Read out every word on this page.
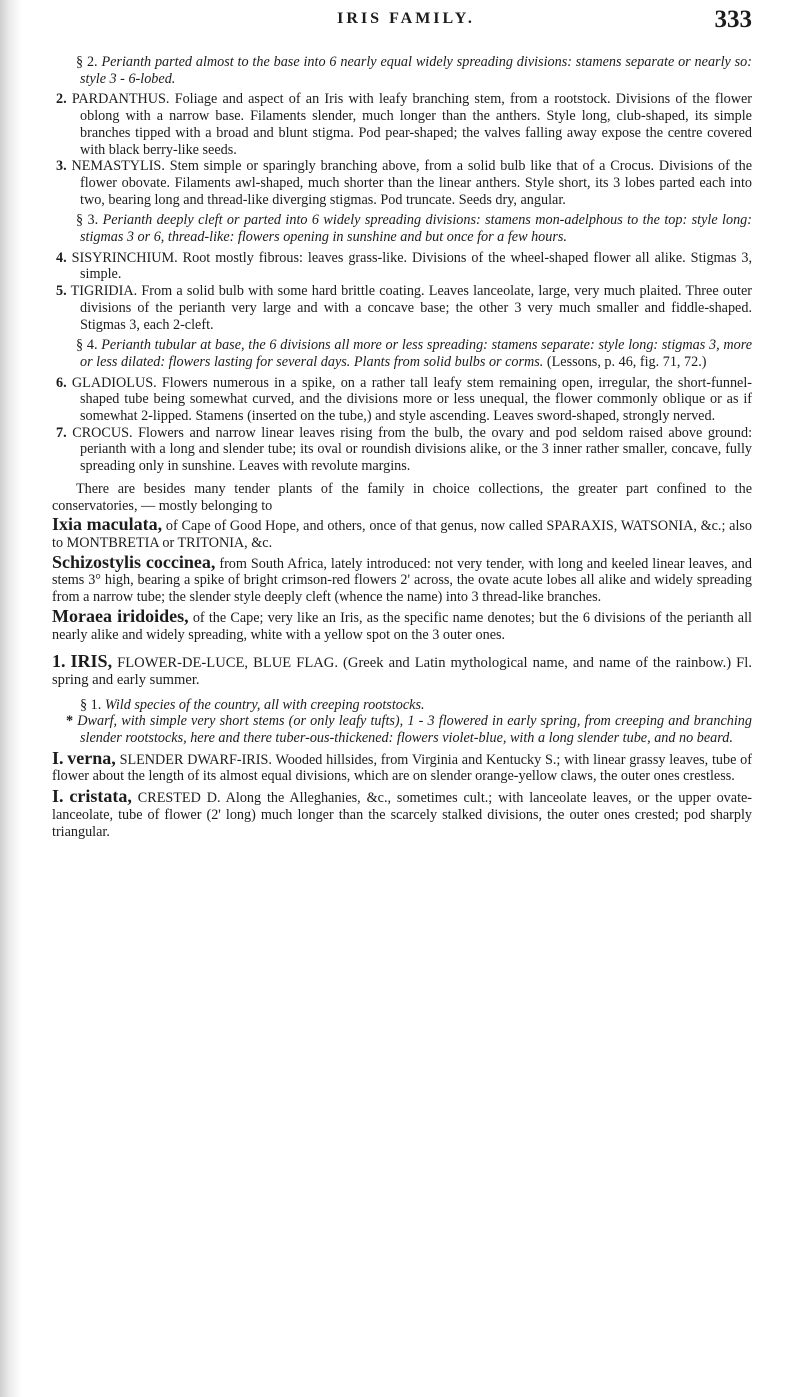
IRIS FAMILY.	333

§ 2. Perianth parted almost to the base into 6 nearly equal widely spreading divisions: stamens separate or nearly so: style 3 - 6-lobed.

2. PARDANTHUS. Foliage and aspect of an Iris with leafy branching stem, from a rootstock. Divisions of the flower oblong with a narrow base. Filaments slender, much longer than the anthers. Style long, club-shaped, its simple branches tipped with a broad and blunt stigma. Pod pear-shaped; the valves falling away expose the centre covered with black berry-like seeds.

3. NEMASTYLIS. Stem simple or sparingly branching above, from a solid bulb like that of a Crocus. Divisions of the flower obovate. Filaments awl-shaped, much shorter than the linear anthers. Style short, its 3 lobes parted each into two, bearing long and thread-like diverging stigmas. Pod truncate. Seeds dry, angular.

§ 3. Perianth deeply cleft or parted into 6 widely spreading divisions: stamens mon-adelphous to the top: style long: stigmas 3 or 6, thread-like: flowers opening in sunshine and but once for a few hours.

4. SISYRINCHIUM. Root mostly fibrous: leaves grass-like. Divisions of the wheel-shaped flower all alike. Stigmas 3, simple.

5. TIGRIDIA. From a solid bulb with some hard brittle coating. Leaves lanceolate, large, very much plaited. Three outer divisions of the perianth very large and with a concave base; the other 3 very much smaller and fiddle-shaped. Stigmas 3, each 2-cleft.

§ 4. Perianth tubular at base, the 6 divisions all more or less spreading: stamens separate: style long: stigmas 3, more or less dilated: flowers lasting for several days. Plants from solid bulbs or corms. (Lessons, p. 46, fig. 71, 72.)

6. GLADIOLUS. Flowers numerous in a spike, on a rather tall leafy stem remaining open, irregular, the short-funnel-shaped tube being somewhat curved, and the divisions more or less unequal, the flower commonly oblique or as if somewhat 2-lipped. Stamens (inserted on the tube,) and style ascending. Leaves sword-shaped, strongly nerved.

7. CROCUS. Flowers and narrow linear leaves rising from the bulb, the ovary and pod seldom raised above ground: perianth with a long and slender tube; its oval or roundish divisions alike, or the 3 inner rather smaller, concave, fully spreading only in sunshine. Leaves with revolute margins.

There are besides many tender plants of the family in choice collections, the greater part confined to the conservatories, — mostly belonging to

Ixia maculata, of Cape of Good Hope, and others, once of that genus, now called SPARAXIS, WATSONIA, &c.; also to MONTBRETIA or TRITONIA, &c.

Schizostylis coccinea, from South Africa, lately introduced: not very tender, with long and keeled linear leaves, and stems 3° high, bearing a spike of bright crimson-red flowers 2' across, the ovate acute lobes all alike and widely spreading from a narrow tube; the slender style deeply cleft (whence the name) into 3 thread-like branches.

Moraea iridoides, of the Cape; very like an Iris, as the specific name denotes; but the 6 divisions of the perianth all nearly alike and widely spreading, white with a yellow spot on the 3 outer ones.

1. IRIS, FLOWER-DE-LUCE, BLUE FLAG. (Greek and Latin mythological name, and name of the rainbow.) Fl. spring and early summer.

§ 1. Wild species of the country, all with creeping rootstocks.

* Dwarf, with simple very short stems (or only leafy tufts), 1 - 3 flowered in early spring, from creeping and branching slender rootstocks, here and there tuber-ous-thickened: flowers violet-blue, with a long slender tube, and no beard.

I. verna, SLENDER DWARF-IRIS. Wooded hillsides, from Virginia and Kentucky S.; with linear grassy leaves, tube of flower about the length of its almost equal divisions, which are on slender orange-yellow claws, the outer ones crestless.

I. cristata, CRESTED D. Along the Alleghanies, &c., sometimes cult.; with lanceolate leaves, or the upper ovate-lanceolate, tube of flower (2' long) much longer than the scarcely stalked divisions, the outer ones crested; pod sharply triangular.
